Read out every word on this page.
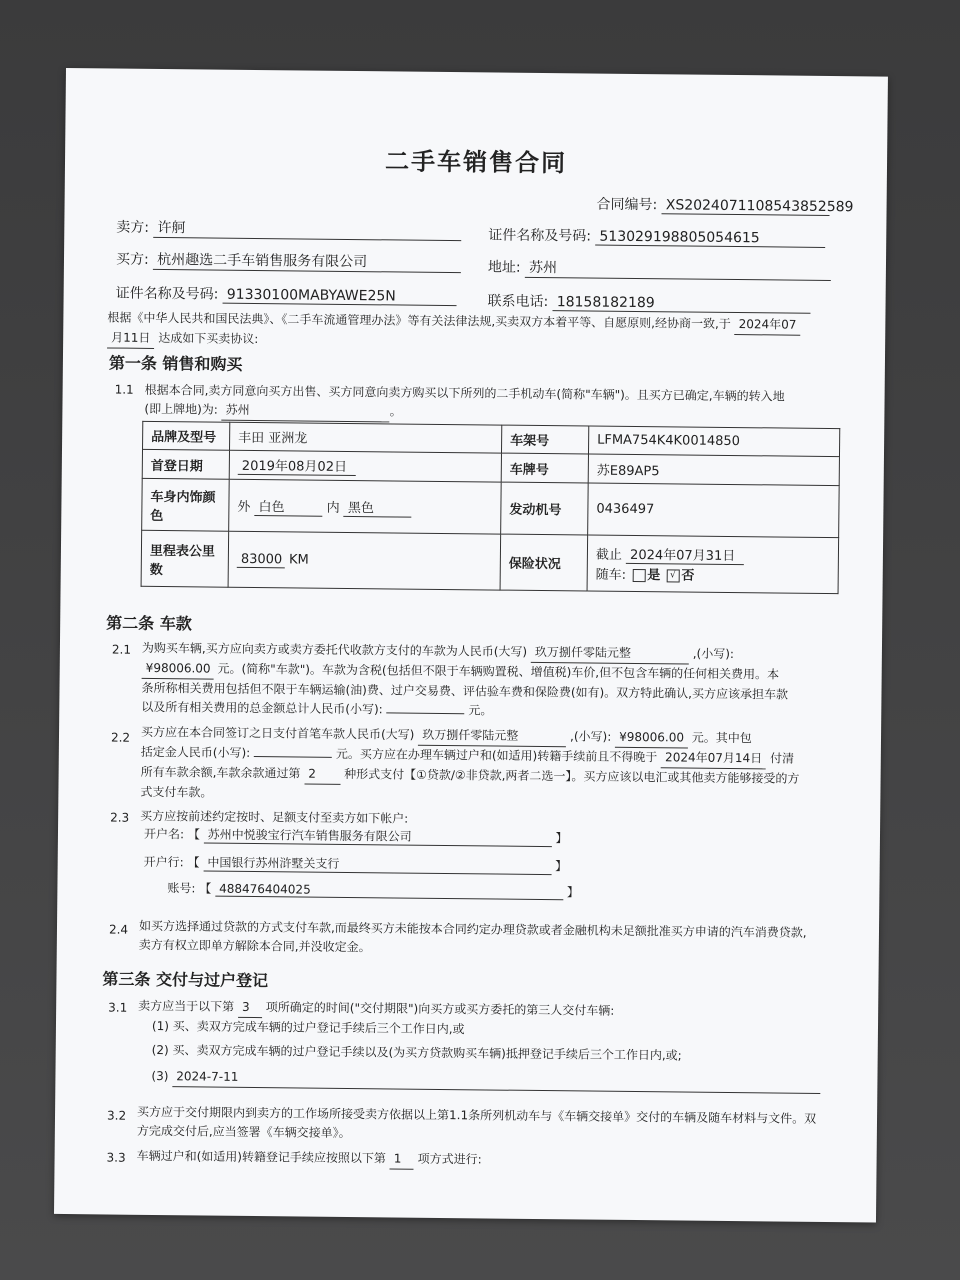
二手车销售合同
合同编号: XS2024071108543852589
卖方: 许舸	证件名称及号码: 513029198805054615
买方: 杭州趣选二手车销售服务有限公司	地址: 苏州
证件名称及号码: 91330100MABYAWE25N	联系电话: 18158182189
根据《中华人民共和国民法典》、《二手车流通管理办法》等有关法律法规,买卖双方本着平等、自愿原则,经协商一致,于 2024年07
月11日 达成如下买卖协议:
第一条 销售和购买
1.1 根据本合同,卖方同意向买方出售、买方同意向卖方购买以下所列的二手机动车(简称"车辆")。且买方已确定,车辆的转入地
(即上牌地)为: 苏州	。
品牌及型号	丰田 亚洲龙	车架号	LFMA754K4K0014850
首登日期	2019年08月02日	车牌号	苏E89AP5
车身内饰颜色	外 白色 内 黑色	发动机号	0436497
里程表公里数	83000 KM	保险状况	截止 2024年07月31日
随车: 是 √ 否
第二条 车款
2.1 为购买车辆,买方应向卖方或卖方委托代收款方支付的车款为人民币(大写) 玖万捌仟零陆元整	,(小写):
¥98006.00 元。(简称"车款")。车款为含税(包括但不限于车辆购置税、增值税)车价,但不包含车辆的任何相关费用。本
条所称相关费用包括但不限于车辆运输(油)费、过户交易费、评估验车费和保险费(如有)。双方特此确认,买方应该承担车款
以及所有相关费用的总金额总计人民币(小写):	元。
2.2 买方应在本合同签订之日支付首笔车款人民币(大写) 玖万捌仟零陆元整	,(小写): ¥98006.00 元。其中包
括定金人民币(小写):	元。买方应在办理车辆过户和(如适用)转籍手续前且不得晚于 2024年07月14日 付清
所有车款余额,车款余款通过第 2 种形式支付【①贷款/②非贷款,两者二选一】。买方应该以电汇或其他卖方能够接受的方
式支付车款。
2.3 买方应按前述约定按时、足额支付至卖方如下帐户:
开户名: 【 苏州中悦骏宝行汽车销售服务有限公司	】
开户行: 【 中国银行苏州浒墅关支行	】
账号: 【 488476404025	】
2.4 如买方选择通过贷款的方式支付车款,而最终买方未能按本合同约定办理贷款或者金融机构未足额批准买方申请的汽车消费贷款,
卖方有权立即单方解除本合同,并没收定金。
第三条 交付与过户登记
3.1 卖方应当于以下第 3 项所确定的时间("交付期限")向买方或买方委托的第三人交付车辆:
(1) 买、卖双方完成车辆的过户登记手续后三个工作日内,或
(2) 买、卖双方完成车辆的过户登记手续以及(为买方贷款购买车辆)抵押登记手续后三个工作日内,或;
(3) 2024-7-11
3.2 买方应于交付期限内到卖方的工作场所接受卖方依据以上第1.1条所列机动车与《车辆交接单》交付的车辆及随车材料与文件。双
方完成交付后,应当签署《车辆交接单》。
3.3 车辆过户和(如适用)转籍登记手续应按照以下第 1 项方式进行:
